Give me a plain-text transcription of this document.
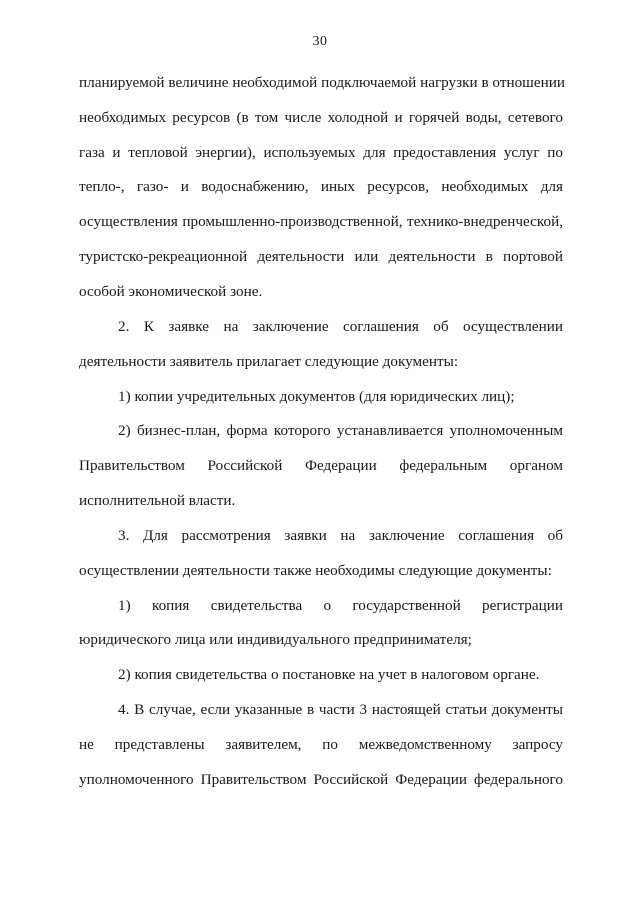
30
планируемой величине необходимой подключаемой нагрузки в отношении
необходимых ресурсов (в том числе холодной и горячей воды, сетевого
газа и тепловой энергии), используемых для предоставления услуг по
тепло-, газо- и водоснабжению, иных ресурсов, необходимых для
осуществления промышленно-производственной, технико-внедренческой,
туристско-рекреационной деятельности или деятельности в портовой
особой экономической зоне.
2. К заявке на заключение соглашения об осуществлении
деятельности заявитель прилагает следующие документы:
1) копии учредительных документов (для юридических лиц);
2) бизнес-план, форма которого устанавливается уполномоченным
Правительством Российской Федерации федеральным органом
исполнительной власти.
3. Для рассмотрения заявки на заключение соглашения об
осуществлении деятельности также необходимы следующие документы:
1) копия свидетельства о государственной регистрации
юридического лица или индивидуального предпринимателя;
2) копия свидетельства о постановке на учет в налоговом органе.
4. В случае, если указанные в части 3 настоящей статьи документы
не представлены заявителем, по межведомственному запросу
уполномоченного Правительством Российской Федерации федерального
